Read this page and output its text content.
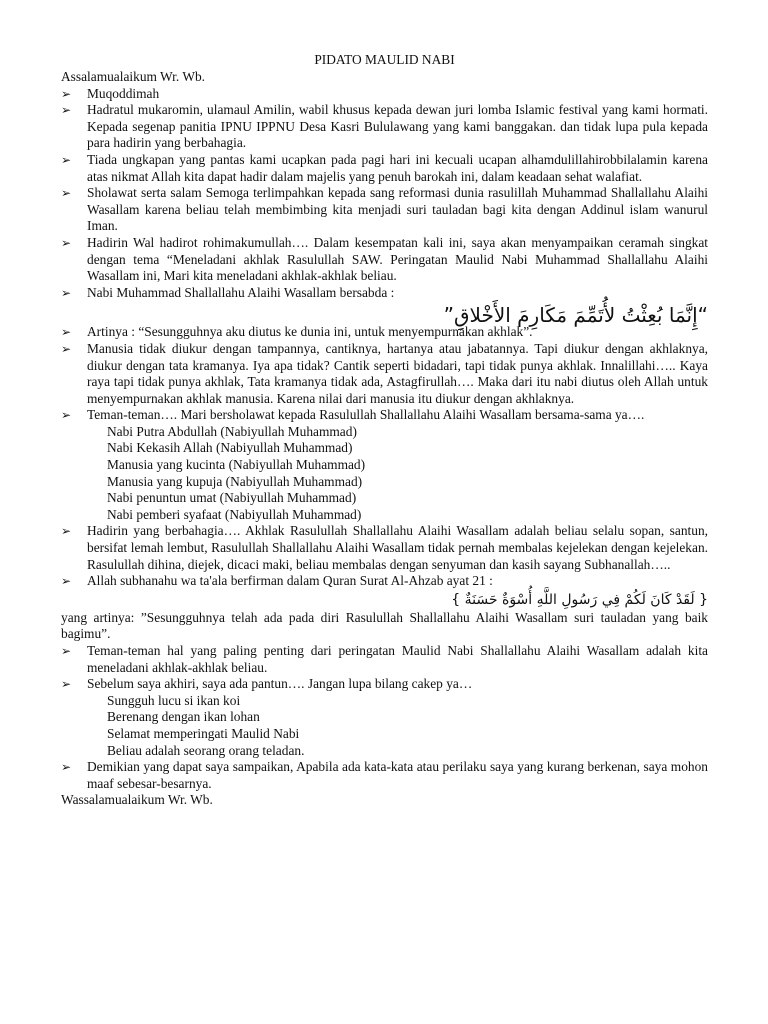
PIDATO MAULID NABI

Assalamualaikum Wr. Wb.

➢	Muqoddimah
➢	Hadratul mukaromin, ulamaul Amilin, wabil khusus kepada dewan juri lomba Islamic festival yang kami hormati. Kepada segenap panitia IPNU IPPNU Desa Kasri Bululawang yang kami banggakan. dan tidak lupa pula kepada para hadirin yang berbahagia.
➢	Tiada ungkapan yang pantas kami ucapkan pada pagi hari ini kecuali ucapan alhamdulillahirobbilalamin karena atas nikmat Allah kita dapat hadir dalam majelis yang penuh barokah ini, dalam keadaan sehat walafiat.
➢	Sholawat serta salam Semoga terlimpahkan kepada sang reformasi dunia rasulillah Muhammad Shallallahu Alaihi Wasallam karena beliau telah membimbing kita menjadi suri tauladan bagi kita dengan Addinul islam wanurul Iman.
➢	Hadirin Wal hadirot rohimakumullah…. Dalam kesempatan kali ini, saya akan menyampaikan ceramah singkat dengan tema “Meneladani akhlak Rasulullah SAW. Peringatan Maulid Nabi Muhammad Shallallahu Alaihi Wasallam ini, Mari kita meneladani akhlak-akhlak beliau.
➢	Nabi Muhammad Shallallahu Alaihi Wasallam bersabda :
“إِنَّمَا بُعِثْتُ لأُتَمِّمَ مَكَارِمَ الأَخْلاقِ”
➢	Artinya : “Sesungguhnya aku diutus ke dunia ini, untuk menyempurnakan akhlak”.
➢	Manusia tidak diukur dengan tampannya, cantiknya, hartanya atau jabatannya. Tapi diukur dengan akhlaknya, diukur dengan tata kramanya. Iya apa tidak? Cantik seperti bidadari, tapi tidak punya akhlak. Innalillahi….. Kaya raya tapi tidak punya akhlak, Tata kramanya tidak ada, Astagfirullah…. Maka dari itu nabi diutus oleh Allah untuk menyempurnakan akhlak manusia. Karena nilai dari manusia itu diukur dengan akhlaknya.
➢	Teman-teman…. Mari bersholawat kepada Rasulullah Shallallahu Alaihi Wasallam bersama-sama ya….
Nabi Putra Abdullah (Nabiyullah Muhammad)
Nabi Kekasih Allah (Nabiyullah Muhammad)
Manusia yang kucinta (Nabiyullah Muhammad)
Manusia yang kupuja (Nabiyullah Muhammad)
Nabi penuntun umat (Nabiyullah Muhammad)
Nabi pemberi syafaat (Nabiyullah Muhammad)
➢	Hadirin yang berbahagia…. Akhlak Rasulullah Shallallahu Alaihi Wasallam adalah beliau selalu sopan, santun, bersifat lemah lembut, Rasulullah Shallallahu Alaihi Wasallam tidak pernah membalas kejelekan dengan kejelekan. Rasulullah dihina, diejek, dicaci maki, beliau membalas dengan senyuman dan kasih sayang Subhanallah…..
➢	Allah subhanahu wa ta'ala berfirman dalam Quran Surat Al-Ahzab ayat 21 :
{ لَقَدْ كَانَ لَكُمْ فِي رَسُولِ اللَّهِ أُسْوَةٌ حَسَنَةٌ }

yang artinya: ”Sesungguhnya telah ada pada diri Rasulullah Shallallahu Alaihi Wasallam suri tauladan yang baik bagimu”.

➢	Teman-teman hal yang paling penting dari peringatan Maulid Nabi Shallallahu Alaihi Wasallam adalah kita meneladani akhlak-akhlak beliau.
➢	Sebelum saya akhiri, saya ada pantun…. Jangan lupa bilang cakep ya…
Sungguh lucu si ikan koi
Berenang dengan ikan lohan
Selamat memperingati Maulid Nabi
Beliau adalah seorang orang teladan.
➢	Demikian yang dapat saya sampaikan, Apabila ada kata-kata atau perilaku saya yang kurang berkenan, saya mohon maaf sebesar-besarnya.

Wassalamualaikum Wr. Wb.
